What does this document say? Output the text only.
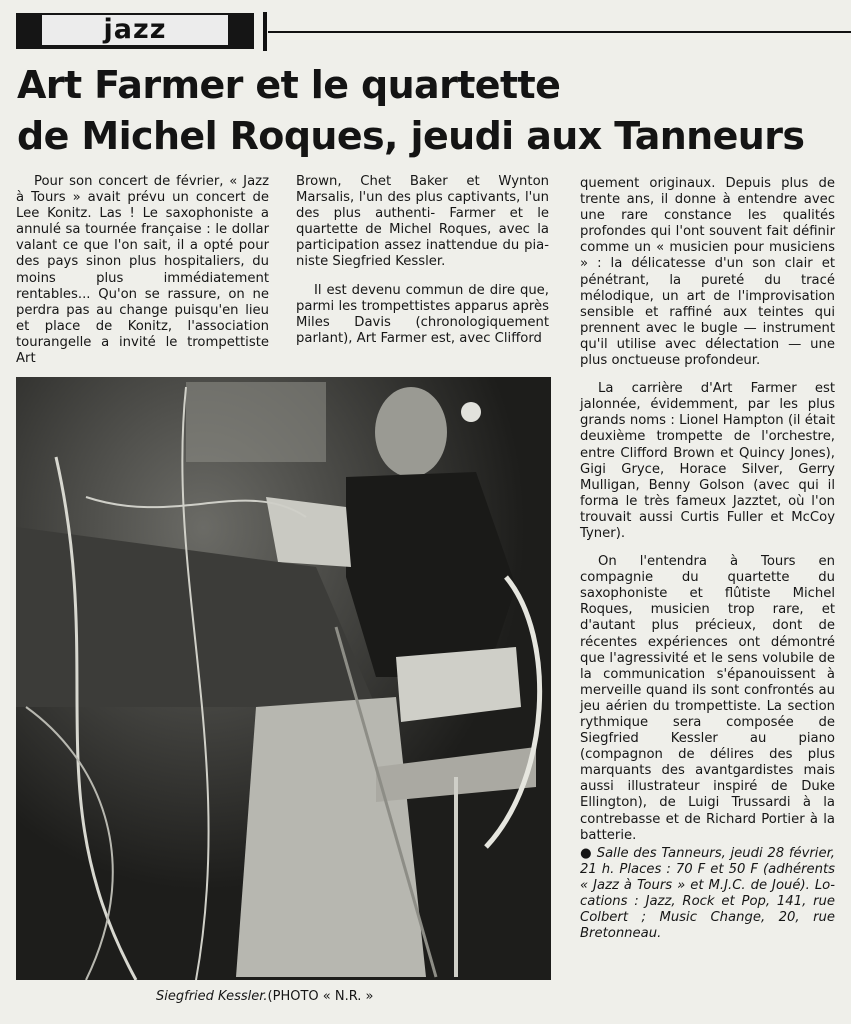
jazz
Art Farmer et le quartette
de Michel Roques, jeudi aux Tanneurs

Pour son concert de février, « Jazz à Tours » avait prévu un concert de Lee Konitz. Las ! Le saxophoniste a annulé sa tournée française : le dollar valant ce que l'on sait, il a opté pour des pays sinon plus hospitaliers, du moins plus immédiatement rentables... Qu'on se rassure, on ne perdra pas au change puisqu'en lieu et place de Konitz, l'association tourangelle a invité le trompettiste Art

Brown, Chet Baker et Wynton Marsalis, l'un des plus captivants, l'un des plus authenti- Farmer et le quartette de Michel Roques, avec la participation assez inattendue du pianiste Siegfried Kessler.

Il est devenu commun de dire que, parmi les trompettistes apparus après Miles Davis (chronologiquement parlant), Art Farmer est, avec Clifford

quement originaux. Depuis plus de trente ans, il donne à entendre avec une rare constance les qualités profondes qui l'ont souvent fait définir comme un « musicien pour musiciens » : la délicatesse d'un son clair et pénétrant, la pureté du tracé mélodique, un art de l'improvisation sensible et raffiné aux teintes qui prennent avec le bugle — instrument qu'il utilise avec délectation — une plus onctueuse profondeur.

La carrière d'Art Farmer est jalonnée, évidemment, par les plus grands noms : Lionel Hampton (il était deuxième trompette de l'orchestre, entre Clifford Brown et Quincy Jones), Gigi Gryce, Horace Silver, Gerry Mulligan, Benny Golson (avec qui il forma le très fameux Jazztet, où l'on trouvait aussi Curtis Fuller et McCoy Tyner).

On l'entendra à Tours en compagnie du quartette du saxophoniste et flûtiste Michel Roques, musicien trop rare, et d'autant plus précieux, dont de récentes expériences ont démontré que l'agressivité et le sens volubile de la communication s'épanouissent à merveille quand ils sont confrontés au jeu aérien du trompettiste. La section rythmique sera composée de Siegfried Kessler au piano (compagnon de délires des plus marquants des avantgardistes mais aussi illustrateur inspiré de Duke Ellington), de Luigi Trussardi à la contrebasse et de Richard Portier à la batterie.

● Salle des Tanneurs, jeudi 28 février, 21 h. Places : 70 F et 50 F (adhérents « Jazz à Tours » et M.J.C. de Joué). Locations : Jazz, Rock et Pop, 141, rue Colbert ; Music Change, 20, rue Bretonneau.

Siegfried Kessler.(PHOTO « N.R. »
